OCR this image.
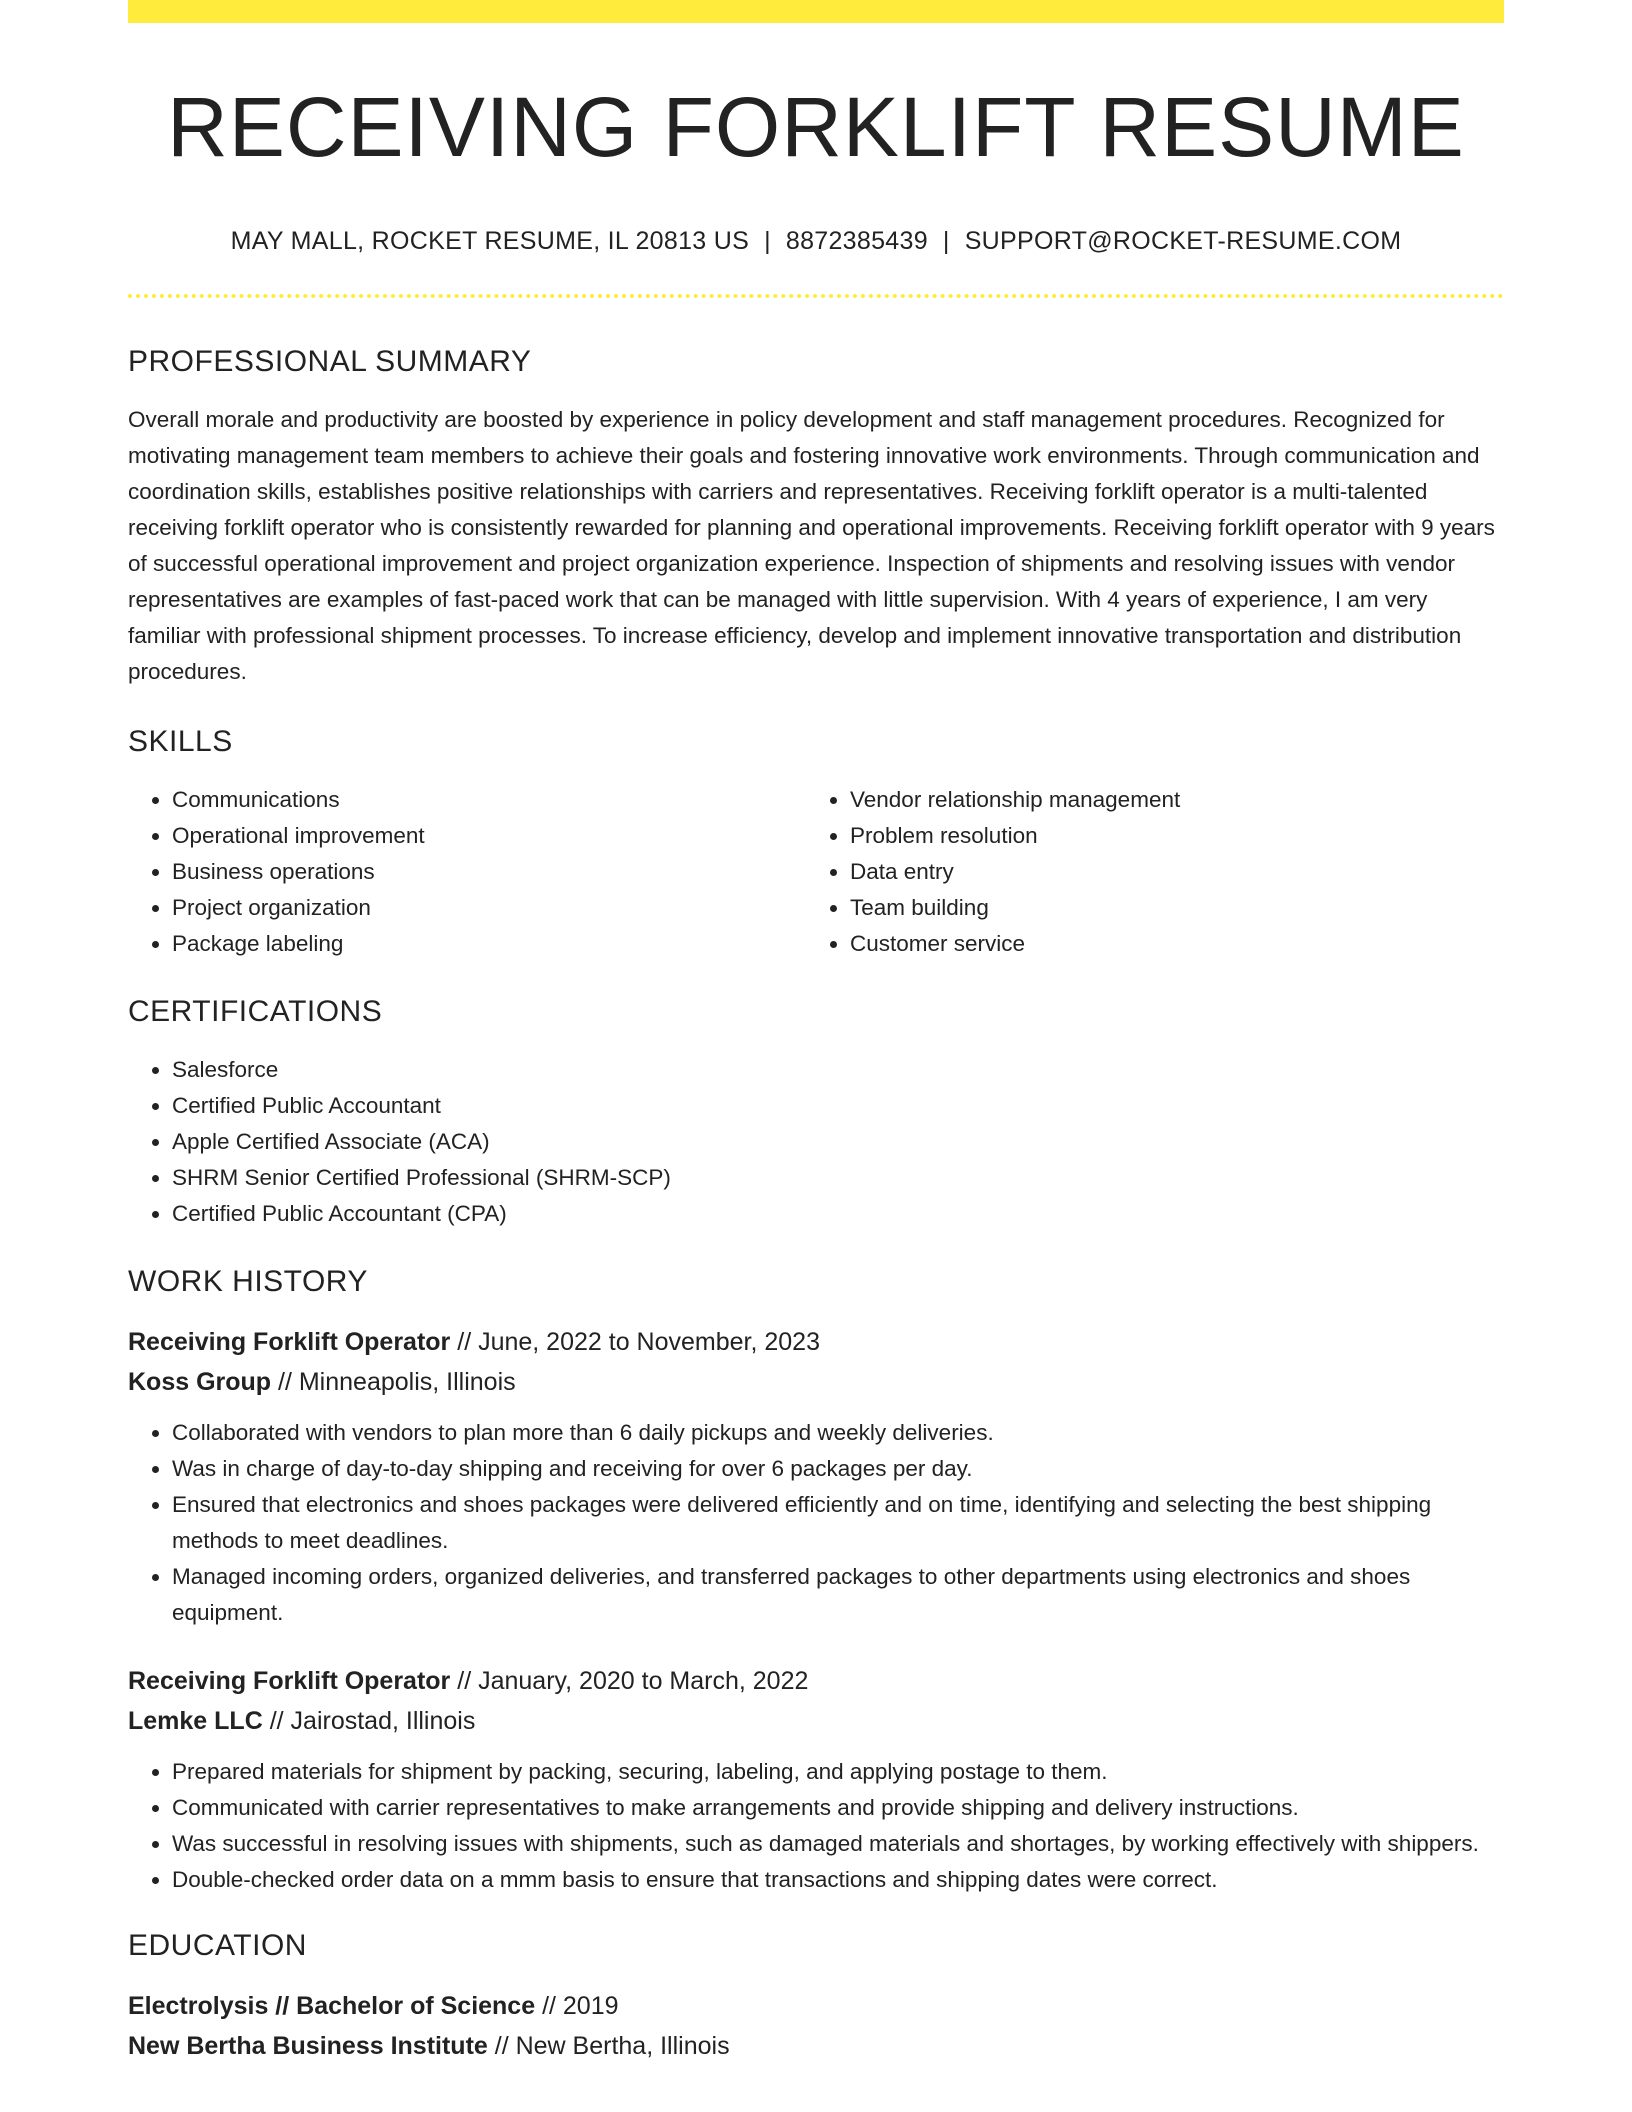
RECEIVING FORKLIFT RESUME
MAY MALL, ROCKET RESUME, IL 20813 US | 8872385439 | SUPPORT@ROCKET-RESUME.COM
PROFESSIONAL SUMMARY
Overall morale and productivity are boosted by experience in policy development and staff management procedures. Recognized for motivating management team members to achieve their goals and fostering innovative work environments. Through communication and coordination skills, establishes positive relationships with carriers and representatives. Receiving forklift operator is a multi-talented receiving forklift operator who is consistently rewarded for planning and operational improvements. Receiving forklift operator with 9 years of successful operational improvement and project organization experience. Inspection of shipments and resolving issues with vendor representatives are examples of fast-paced work that can be managed with little supervision. With 4 years of experience, I am very familiar with professional shipment processes. To increase efficiency, develop and implement innovative transportation and distribution procedures.
SKILLS
• Communications
• Operational improvement
• Business operations
• Project organization
• Package labeling
• Vendor relationship management
• Problem resolution
• Data entry
• Team building
• Customer service
CERTIFICATIONS
• Salesforce
• Certified Public Accountant
• Apple Certified Associate (ACA)
• SHRM Senior Certified Professional (SHRM-SCP)
• Certified Public Accountant (CPA)
WORK HISTORY
Receiving Forklift Operator // June, 2022 to November, 2023
Koss Group // Minneapolis, Illinois
• Collaborated with vendors to plan more than 6 daily pickups and weekly deliveries.
• Was in charge of day-to-day shipping and receiving for over 6 packages per day.
• Ensured that electronics and shoes packages were delivered efficiently and on time, identifying and selecting the best shipping methods to meet deadlines.
• Managed incoming orders, organized deliveries, and transferred packages to other departments using electronics and shoes equipment.
Receiving Forklift Operator // January, 2020 to March, 2022
Lemke LLC // Jairostad, Illinois
• Prepared materials for shipment by packing, securing, labeling, and applying postage to them.
• Communicated with carrier representatives to make arrangements and provide shipping and delivery instructions.
• Was successful in resolving issues with shipments, such as damaged materials and shortages, by working effectively with shippers.
• Double-checked order data on a mmm basis to ensure that transactions and shipping dates were correct.
EDUCATION
Electrolysis // Bachelor of Science // 2019
New Bertha Business Institute // New Bertha, Illinois
